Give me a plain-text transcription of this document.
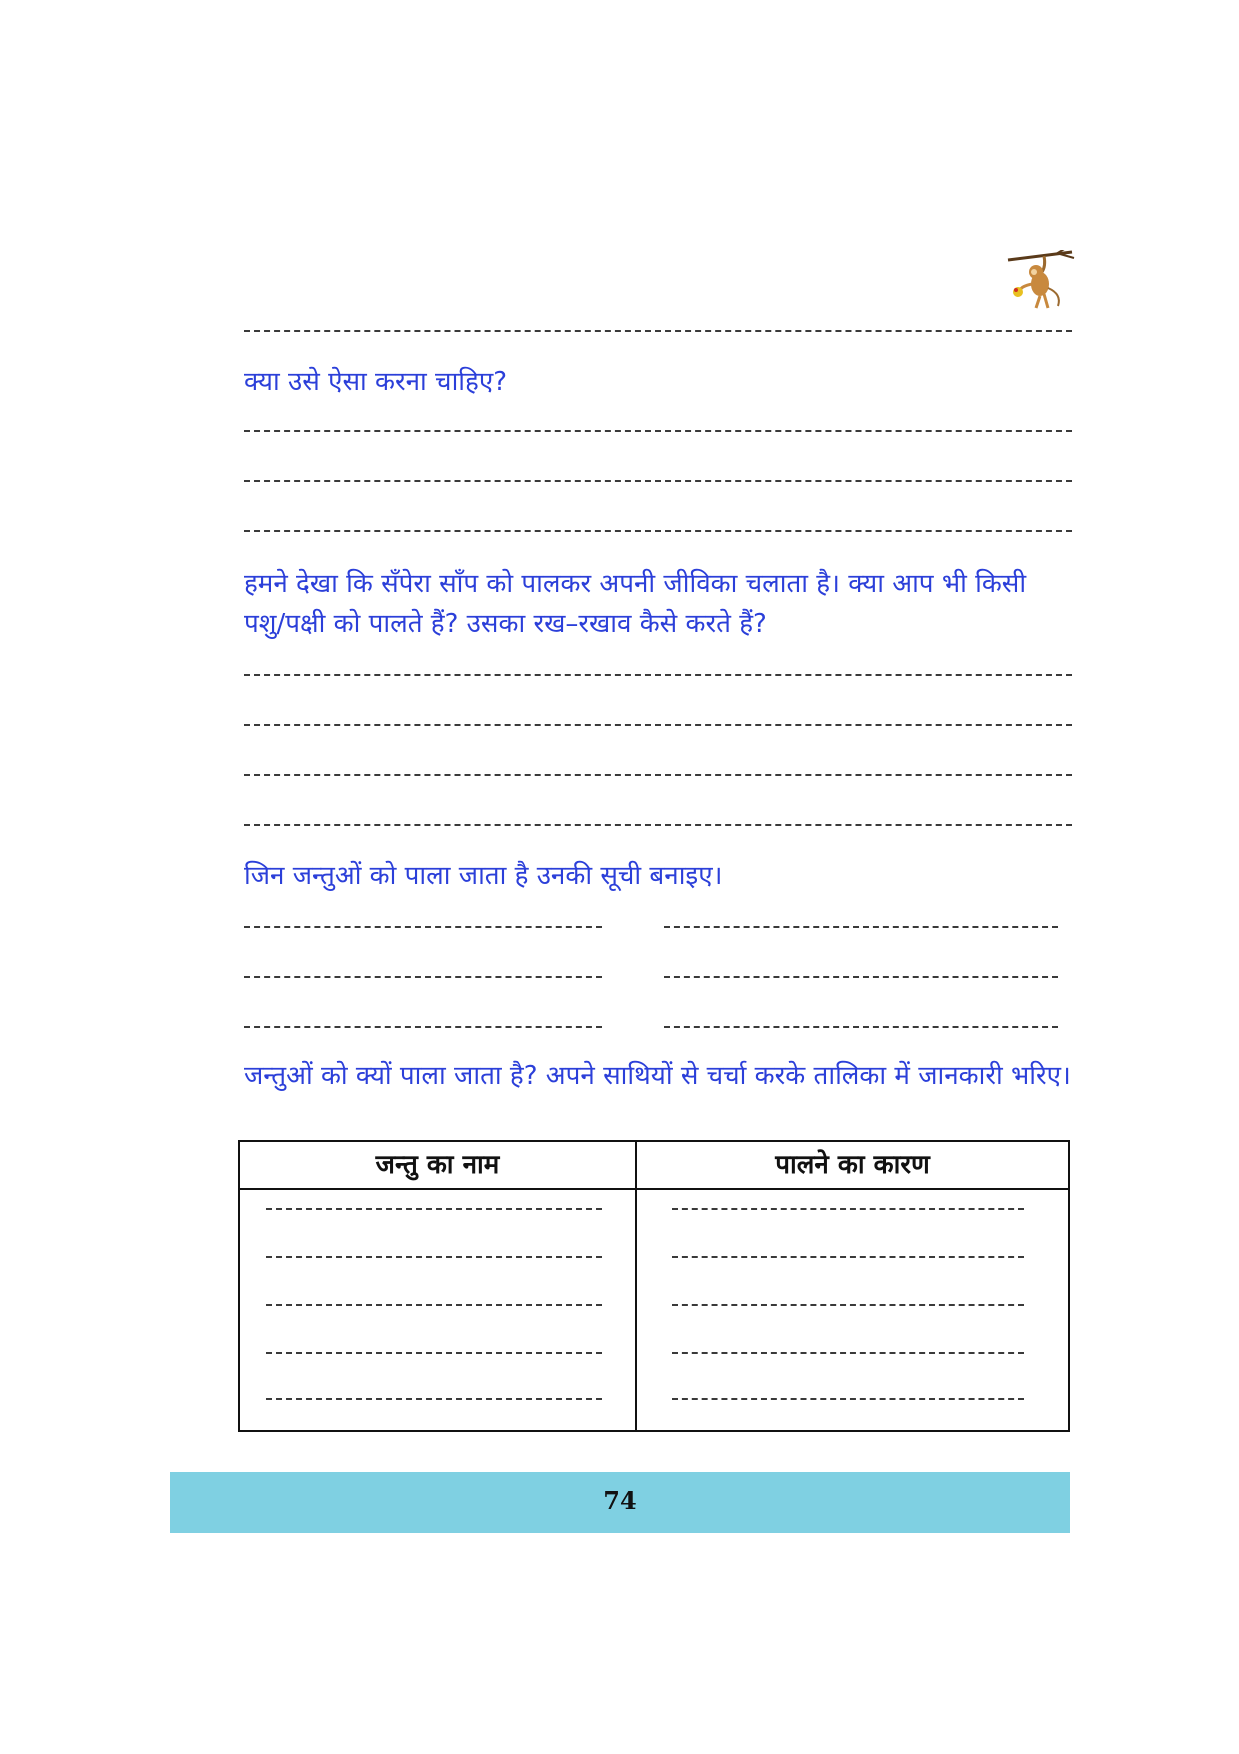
क्या उसे ऐसा करना चाहिए?
हमने देखा कि सँपेरा साँप को पालकर अपनी जीविका चलाता है। क्या आप भी किसी पशु/पक्षी को पालते हैं? उसका रख–रखाव कैसे करते हैं?
जिन जन्तुओं को पाला जाता है उनकी सूची बनाइए।
जन्तुओं को क्यों पाला जाता है? अपने साथियों से चर्चा करके तालिका में जानकारी भरिए।
जन्तु का नाम	पालने का कारण
74
